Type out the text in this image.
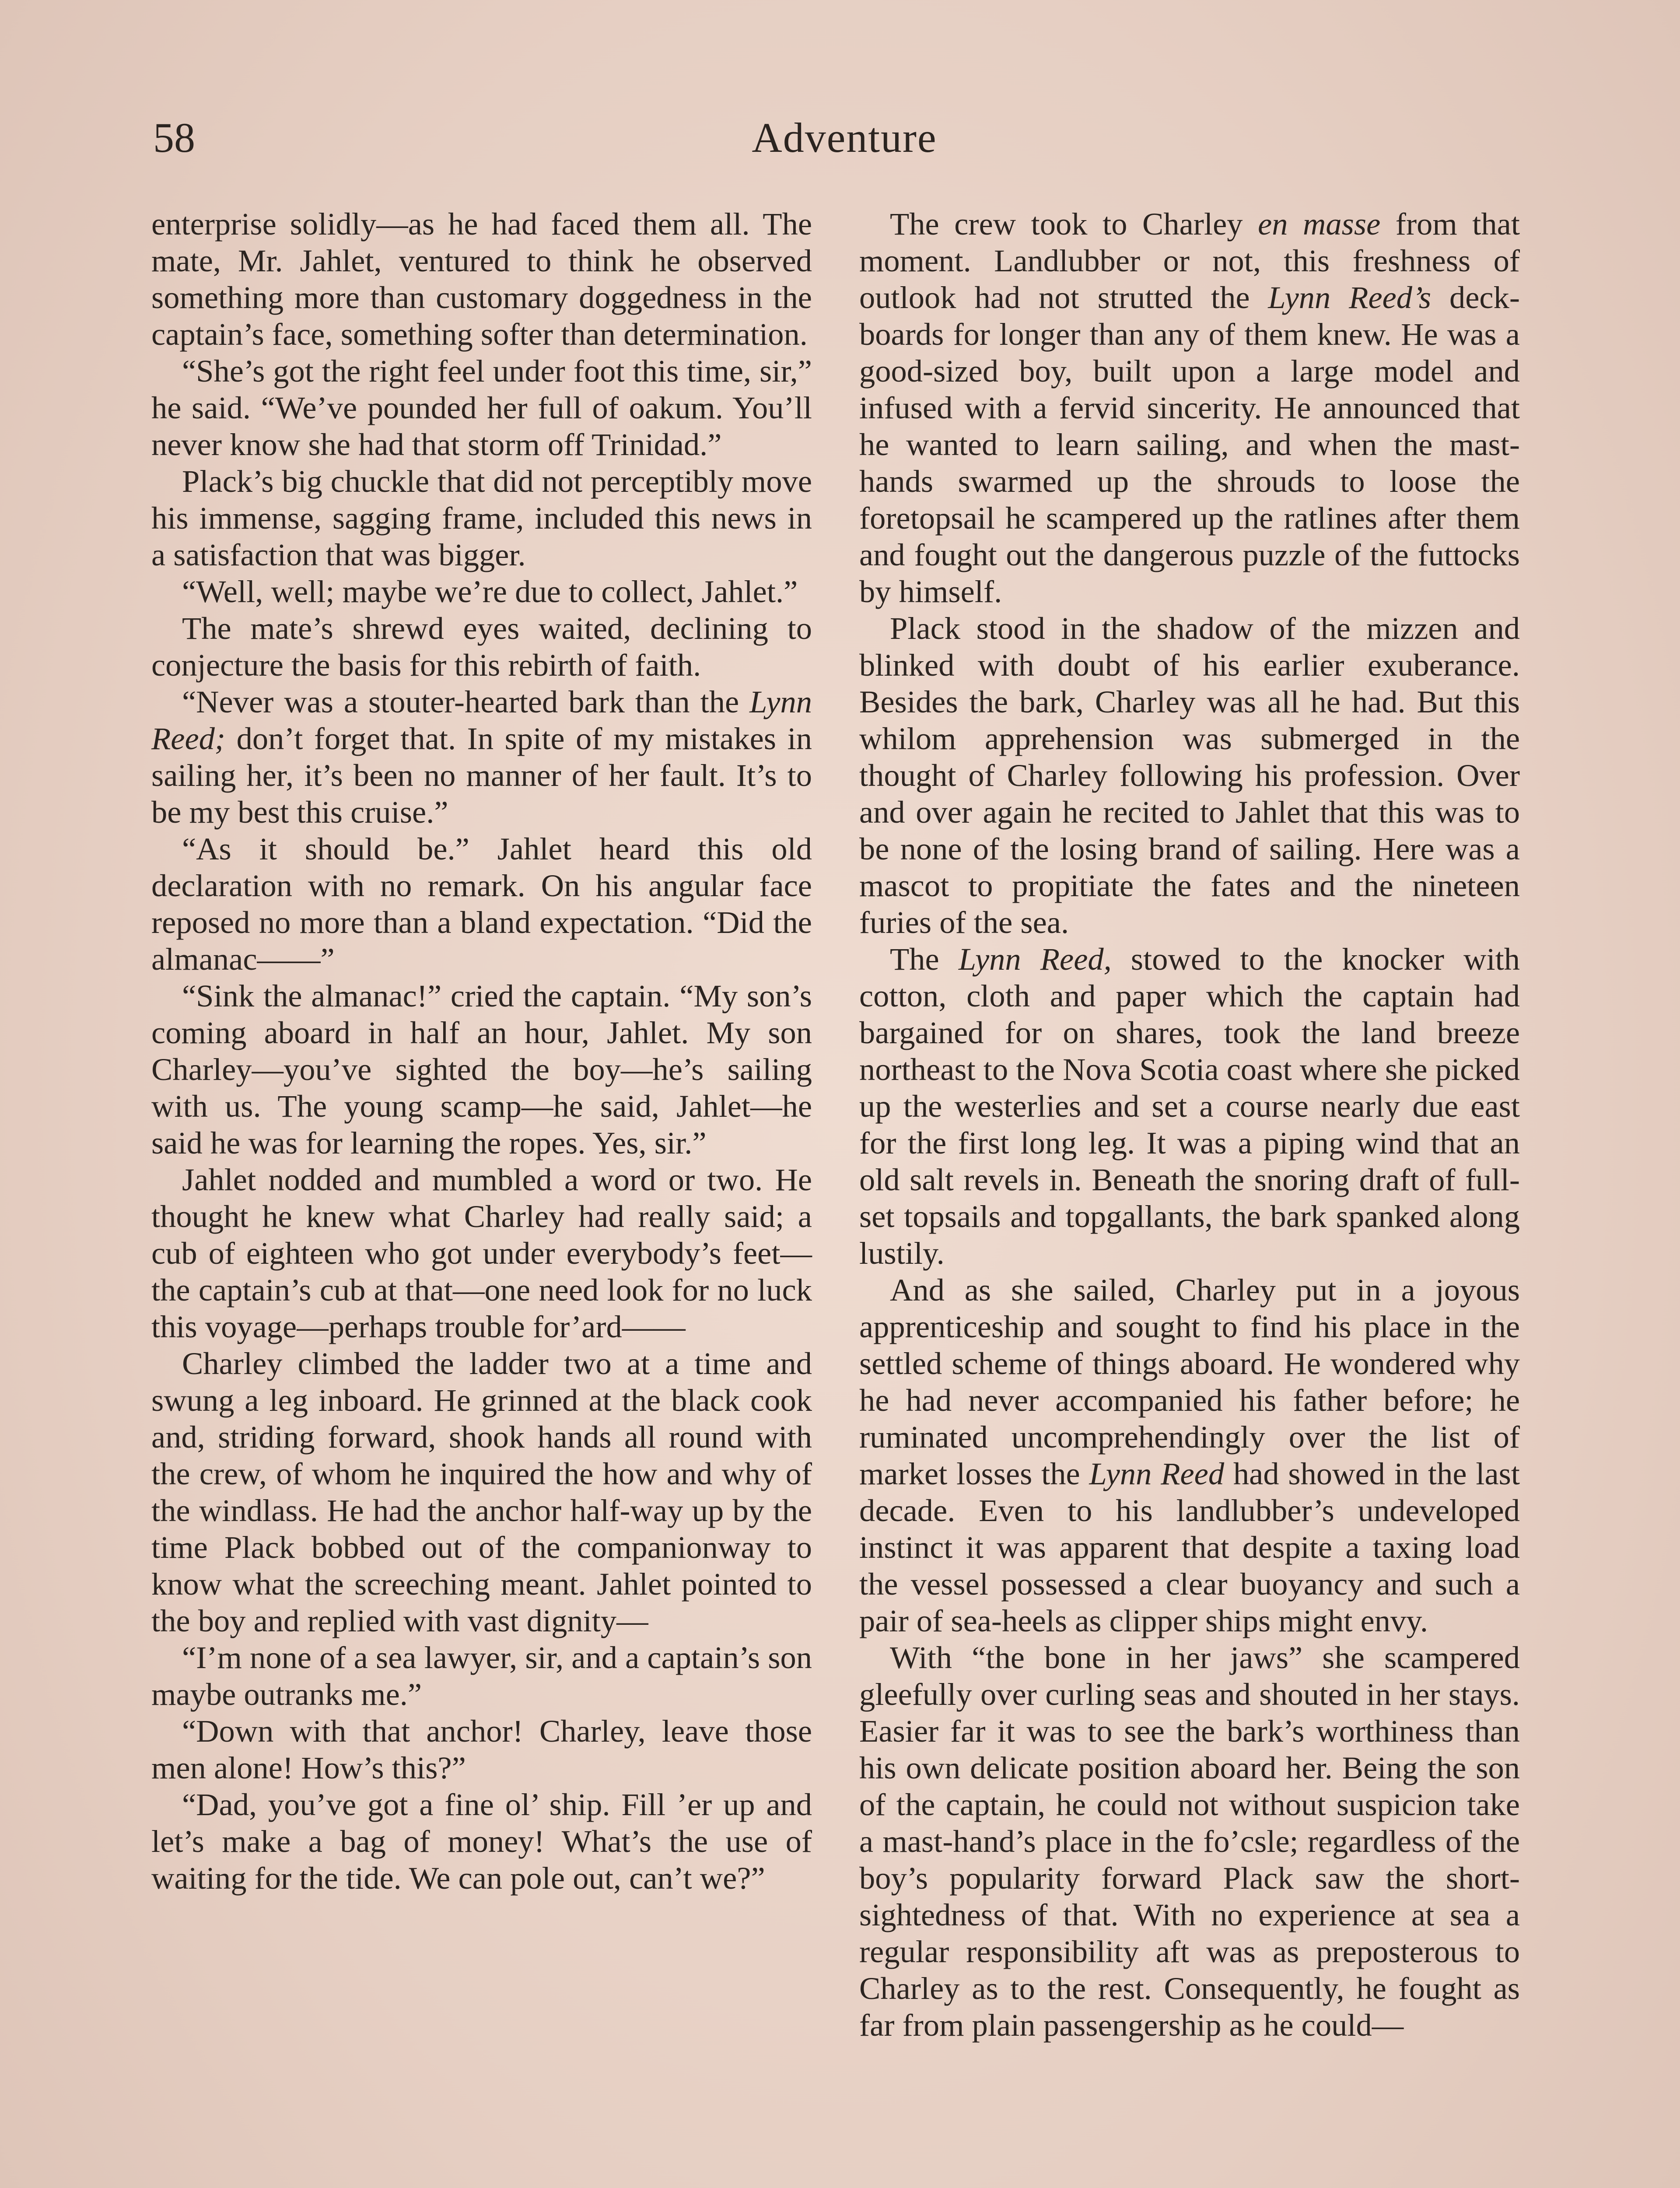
58	Adventure

enterprise solidly—as he had faced them all. The mate, Mr. Jahlet, ventured to think he observed something more than customary doggedness in the captain’s face, something softer than determination.

“She’s got the right feel under foot this time, sir,” he said. “We’ve pounded her full of oakum. You’ll never know she had that storm off Trinidad.”

Plack’s big chuckle that did not perceptibly move his immense, sagging frame, included this news in a satisfaction that was bigger.

“Well, well; maybe we’re due to collect, Jahlet.”

The mate’s shrewd eyes waited, declining to conjecture the basis for this rebirth of faith.

“Never was a stouter-hearted bark than the Lynn Reed; don’t forget that. In spite of my mistakes in sailing her, it’s been no manner of her fault. It’s to be my best this cruise.”

“As it should be.” Jahlet heard this old declaration with no remark. On his angular face reposed no more than a bland expectation. “Did the almanac——”

“Sink the almanac!” cried the captain. “My son’s coming aboard in half an hour, Jahlet. My son Charley—you’ve sighted the boy—he’s sailing with us. The young scamp—he said, Jahlet—he said he was for learning the ropes. Yes, sir.”

Jahlet nodded and mumbled a word or two. He thought he knew what Charley had really said; a cub of eighteen who got under everybody’s feet—the captain’s cub at that—one need look for no luck this voyage—perhaps trouble for’ard——

Charley climbed the ladder two at a time and swung a leg inboard. He grinned at the black cook and, striding forward, shook hands all round with the crew, of whom he inquired the how and why of the windlass. He had the anchor half-way up by the time Plack bobbed out of the companionway to know what the screeching meant. Jahlet pointed to the boy and replied with vast dignity—

“I’m none of a sea lawyer, sir, and a captain’s son maybe outranks me.”

“Down with that anchor! Charley, leave those men alone! How’s this?”

“Dad, you’ve got a fine ol’ ship. Fill ’er up and let’s make a bag of money! What’s the use of waiting for the tide. We can pole out, can’t we?”

The crew took to Charley en masse from that moment. Landlubber or not, this freshness of outlook had not strutted the Lynn Reed’s deck-boards for longer than any of them knew. He was a good-sized boy, built upon a large model and infused with a fervid sincerity. He announced that he wanted to learn sailing, and when the mast-hands swarmed up the shrouds to loose the foretopsail he scampered up the ratlines after them and fought out the dangerous puzzle of the futtocks by himself.

Plack stood in the shadow of the mizzen and blinked with doubt of his earlier exuberance. Besides the bark, Charley was all he had. But this whilom apprehension was submerged in the thought of Charley following his profession. Over and over again he recited to Jahlet that this was to be none of the losing brand of sailing. Here was a mascot to propitiate the fates and the nineteen furies of the sea.

The Lynn Reed, stowed to the knocker with cotton, cloth and paper which the captain had bargained for on shares, took the land breeze northeast to the Nova Scotia coast where she picked up the westerlies and set a course nearly due east for the first long leg. It was a piping wind that an old salt revels in. Beneath the snoring draft of full-set topsails and topgallants, the bark spanked along lustily.

And as she sailed, Charley put in a joyous apprenticeship and sought to find his place in the settled scheme of things aboard. He wondered why he had never accompanied his father before; he ruminated uncomprehendingly over the list of market losses the Lynn Reed had showed in the last decade. Even to his landlubber’s undeveloped instinct it was apparent that despite a taxing load the vessel possessed a clear buoyancy and such a pair of sea-heels as clipper ships might envy.

With “the bone in her jaws” she scampered gleefully over curling seas and shouted in her stays. Easier far it was to see the bark’s worthiness than his own delicate position aboard her. Being the son of the captain, he could not without suspicion take a mast-hand’s place in the fo’csle; regardless of the boy’s popularity forward Plack saw the short-sightedness of that. With no experience at sea a regular responsibility aft was as preposterous to Charley as to the rest. Consequently, he fought as far from plain passengership as he could—
